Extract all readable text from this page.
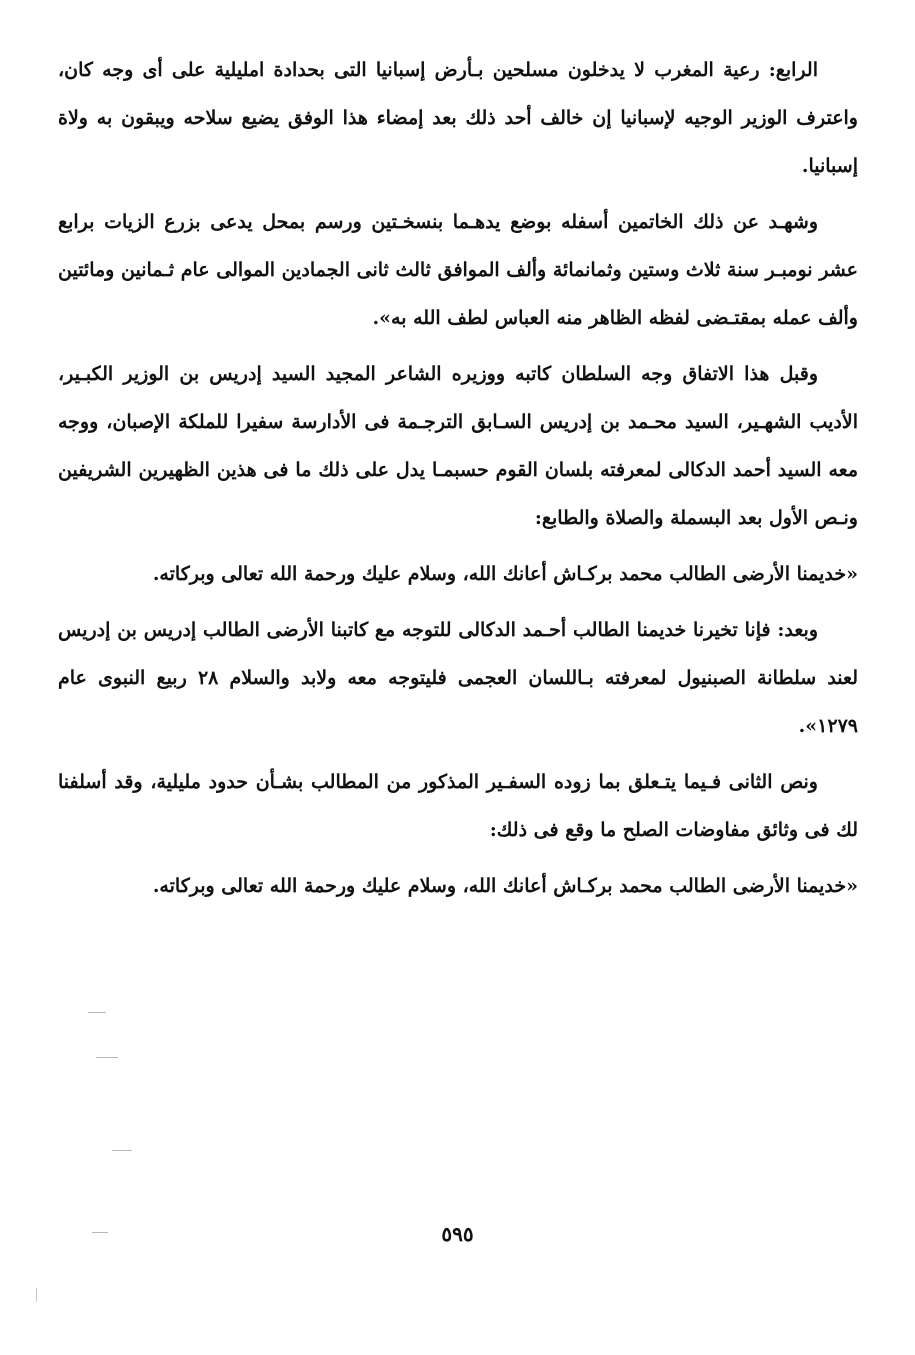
الرابع: رعية المغرب لا يدخلون مسلحين بـأرض إسبانيا التى بحدادة امليلية على أى وجه كان، واعترف الوزير الوجيه لإسبانيا إن خالف أحد ذلك بعد إمضاء هذا الوفق يضيع سلاحه ويبقون به ولاة إسبانيا.

وشهـد عن ذلك الخاتمين أسفله بوضع يدهـما بنسخـتين ورسم بمحل يدعى بزرع الزيات برابع عشر نومبـر سنة ثلاث وستين وثمانمائة وألف الموافق ثالث ثانى الجمادين الموالى عام ثـمانين ومائتين وألف عمله بمقتـضى لفظه الظاهر منه العباس لطف الله به».

وقبل هذا الاتفاق وجه السلطان كاتبه ووزيره الشاعر المجيد السيد إدريس بن الوزير الكبـير، الأديب الشهـير، السيد محـمد بن إدريس السـابق الترجـمة فى الأدارسة سفيرا للملكة الإصبان، ووجه معه السيد أحمد الدكالى لمعرفته بلسان القوم حسبمـا يدل على ذلك ما فى هذين الظهيرين الشريفين ونـص الأول بعد البسملة والصلاة والطابع:

«خديمنا الأرضى الطالب محمد بركـاش أعانك الله، وسلام عليك ورحمة الله تعالى وبركاته.

وبعد: فإنا تخيرنا خديمنا الطالب أحـمد الدكالى للتوجه مع كاتبنا الأرضى الطالب إدريس بن إدريس لعند سلطانة الصبنيول لمعرفته بـاللسان العجمى فليتوجه معه ولابد والسلام ٢٨ ربيع النبوى عام ١٢٧٩».

ونص الثانى فـيما يتـعلق بما زوده السفـير المذكور من المطالب بشـأن حدود مليلية، وقد أسلفنا لك فى وثائق مفاوضات الصلح ما وقع فى ذلك:

«خديمنا الأرضى الطالب محمد بركـاش أعانك الله، وسلام عليك ورحمة الله تعالى وبركاته.

٥٩٥
